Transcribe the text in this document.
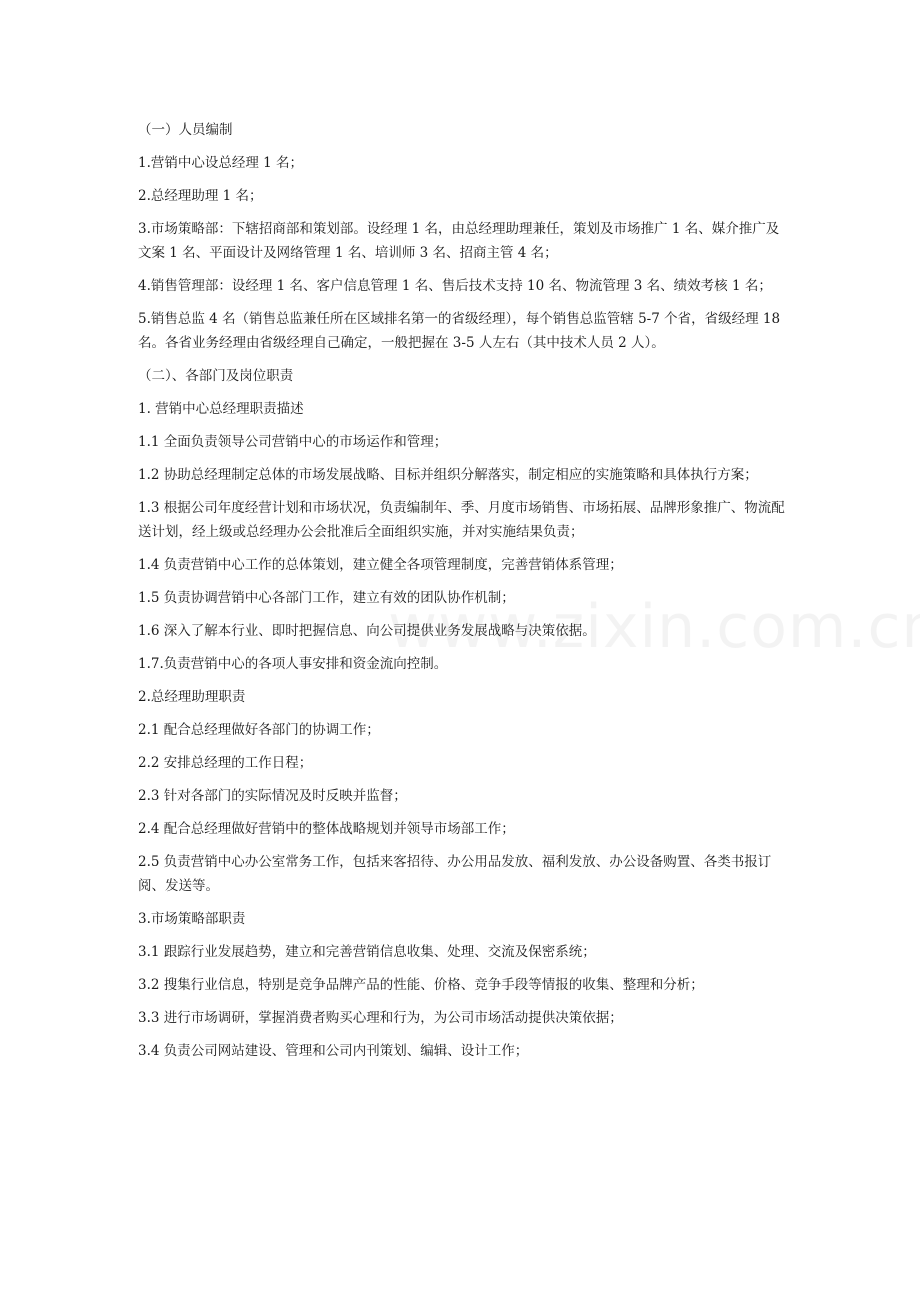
（一）人员编制

1.营销中心设总经理 1 名；

2.总经理助理 1 名；

3.市场策略部：下辖招商部和策划部。设经理 1 名，由总经理助理兼任，策划及市场推广 1 名、媒介推广及文案 1 名、平面设计及网络管理 1 名、培训师 3 名、招商主管 4 名；

4.销售管理部：设经理 1 名、客户信息管理 1 名、售后技术支持 10 名、物流管理 3 名、绩效考核 1 名；

5.销售总监 4 名（销售总监兼任所在区域排名第一的省级经理），每个销售总监管辖 5-7 个省，省级经理 18 名。各省业务经理由省级经理自己确定，一般把握在 3-5 人左右（其中技术人员 2 人）。

（二）、各部门及岗位职责

1. 营销中心总经理职责描述

1.1 全面负责领导公司营销中心的市场运作和管理；

1.2 协助总经理制定总体的市场发展战略、目标并组织分解落实，制定相应的实施策略和具体执行方案；

1.3 根据公司年度经营计划和市场状况，负责编制年、季、月度市场销售、市场拓展、品牌形象推广、物流配送计划，经上级或总经理办公会批准后全面组织实施，并对实施结果负责；

1.4 负责营销中心工作的总体策划，建立健全各项管理制度，完善营销体系管理；

1.5 负责协调营销中心各部门工作，建立有效的团队协作机制；

1.6 深入了解本行业、即时把握信息、向公司提供业务发展战略与决策依据。

1.7.负责营销中心的各项人事安排和资金流向控制。

2.总经理助理职责

2.1 配合总经理做好各部门的协调工作；

2.2 安排总经理的工作日程；

2.3 针对各部门的实际情况及时反映并监督；

2.4 配合总经理做好营销中的整体战略规划并领导市场部工作；

2.5 负责营销中心办公室常务工作，包括来客招待、办公用品发放、福利发放、办公设备购置、各类书报订阅、发送等。

3.市场策略部职责

3.1 跟踪行业发展趋势，建立和完善营销信息收集、处理、交流及保密系统；

3.2 搜集行业信息，特别是竞争品牌产品的性能、价格、竞争手段等情报的收集、整理和分析；

3.3 进行市场调研，掌握消费者购买心理和行为，为公司市场活动提供决策依据；

3.4 负责公司网站建设、管理和公司内刊策划、编辑、设计工作；
